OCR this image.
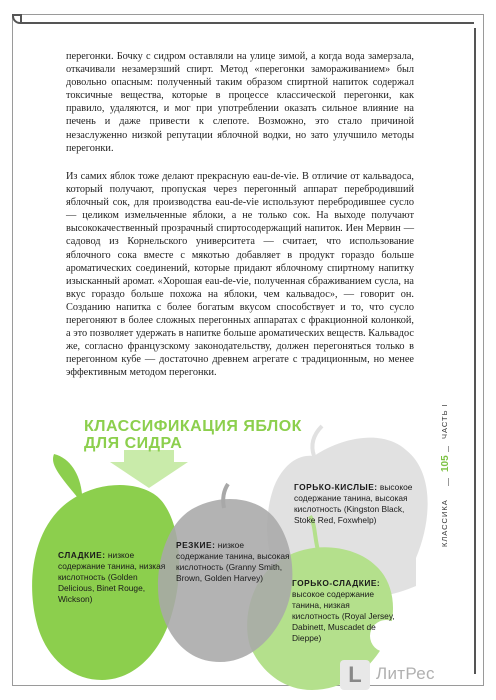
перегонки. Бочку с сидром оставляли на улице зимой, а когда вода замерзала, откачивали незамерзший спирт. Метод «перегонки замораживанием» был довольно опасным: полученный таким образом спиртной напиток содержал токсичные вещества, которые в процессе классической перегонки, как правило, удаляются, и мог при употреблении оказать сильное влияние на печень и даже привести к слепоте. Возможно, это стало причиной незаслуженно низкой репутации яблочной водки, но зато улучшило методы перегонки.

Из самих яблок тоже делают прекрасную eau-de-vie. В отличие от кальвадоса, который получают, пропуская через перегонный аппарат перебродивший яблочный сок, для производства eau-de-vie используют перебродившее сусло — целиком измельченные яблоки, а не только сок. На выходе получают высококачественный прозрачный спиртосодержащий напиток. Иен Мервин — садовод из Корнельского университета — считает, что использование яблочного сока вместе с мякотью добавляет в продукт гораздо больше ароматических соединений, которые придают яблочному спиртному напитку изысканный аромат. «Хорошая eau-de-vie, полученная сбраживанием сусла, на вкус гораздо больше похожа на яблоки, чем кальвадос», — говорит он. Созданию напитка с более богатым вкусом способствует и то, что сусло перегоняют в более сложных перегонных аппаратах с фракционной колонкой, а это позволяет удержать в напитке больше ароматических веществ. Кальвадос же, согласно французскому законодательству, должен перегоняться только в перегонном кубе — достаточно древнем агрегате с традиционным, но менее эффективным методом перегонки.

ЧАСТЬ I
105
КЛАССИКА
КЛАССИФИКАЦИЯ ЯБЛОК
ДЛЯ СИДРА
СЛАДКИЕ: низкое содержание танина, низкая кислотность (Golden Delicious, Binet Rouge, Wickson)
РЕЗКИЕ: низкое содержание танина, высокая кислотность (Granny Smith, Brown, Golden Harvey)
ГОРЬКО-КИСЛЫЕ: высокое содержание танина, высокая кислотность (Kingston Black, Stoke Red, Foxwhelp)
ГОРЬКО-СЛАДКИЕ: высокое содержание танина, низкая кислотность (Royal Jersey, Dabinett, Muscadet de Dieppe)
L ЛитРес
